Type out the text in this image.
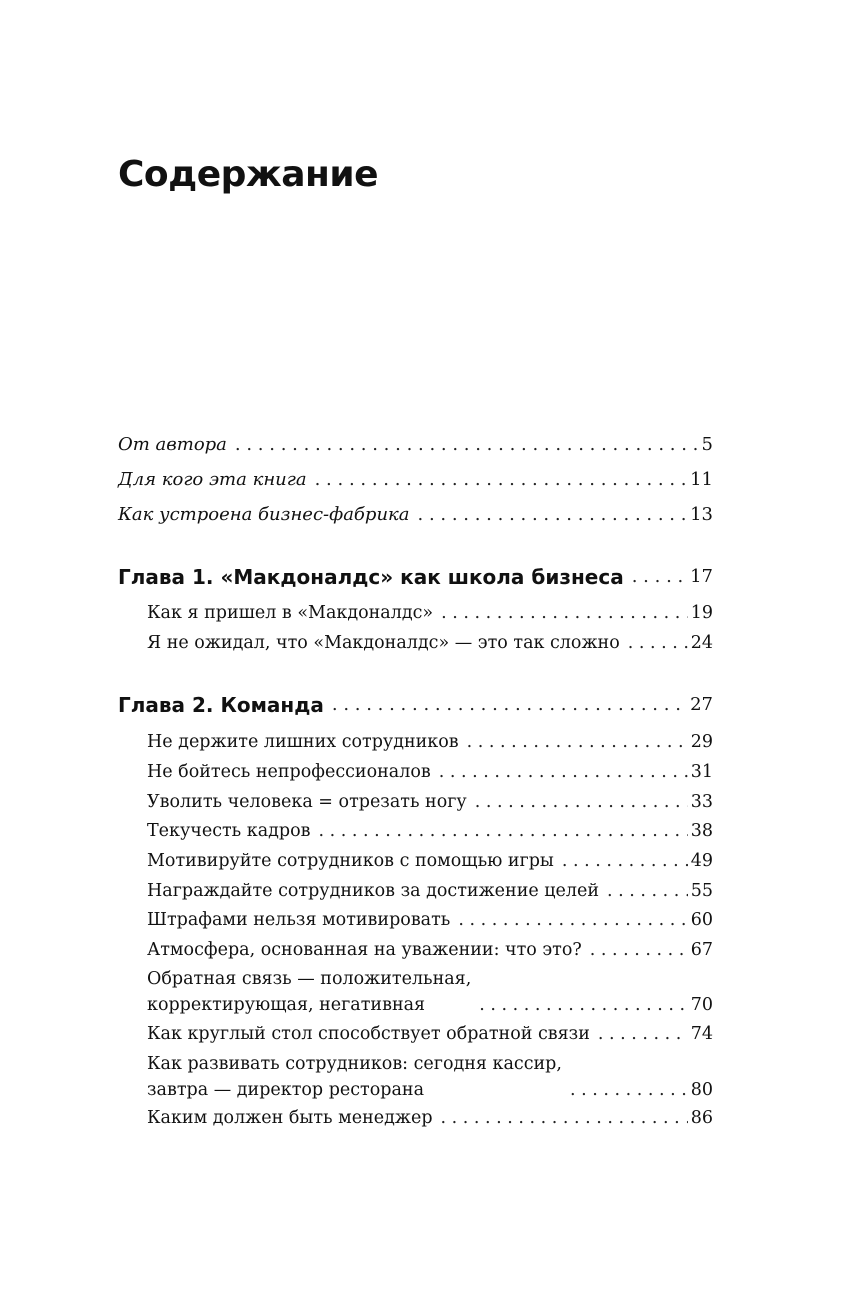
Содержание
От автора . . .	5
Для кого эта книга . . .	11
Как устроена бизнес-фабрика . . .	13
Глава 1. «Макдоналдс» как школа бизнеса . . .	17
Как я пришел в «Макдоналдс» . . .	19
Я не ожидал, что «Макдоналдс» — это так сложно . . .	24
Глава 2. Команда . . .	27
Не держите лишних сотрудников . . .	29
Не бойтесь непрофессионалов . . .	31
Уволить человека = отрезать ногу . . .	33
Текучесть кадров . . .	38
Мотивируйте сотрудников с помощью игры . . .	49
Награждайте сотрудников за достижение целей . . .	55
Штрафами нельзя мотивировать . . .	60
Атмосфера, основанная на уважении: что это? . . .	67
Обратная связь — положительная,
корректирующая, негативная . . .	70
Как круглый стол способствует обратной связи . . .	74
Как развивать сотрудников: сегодня кассир,
завтра — директор ресторана . . .	80
Каким должен быть менеджер . . .	86
